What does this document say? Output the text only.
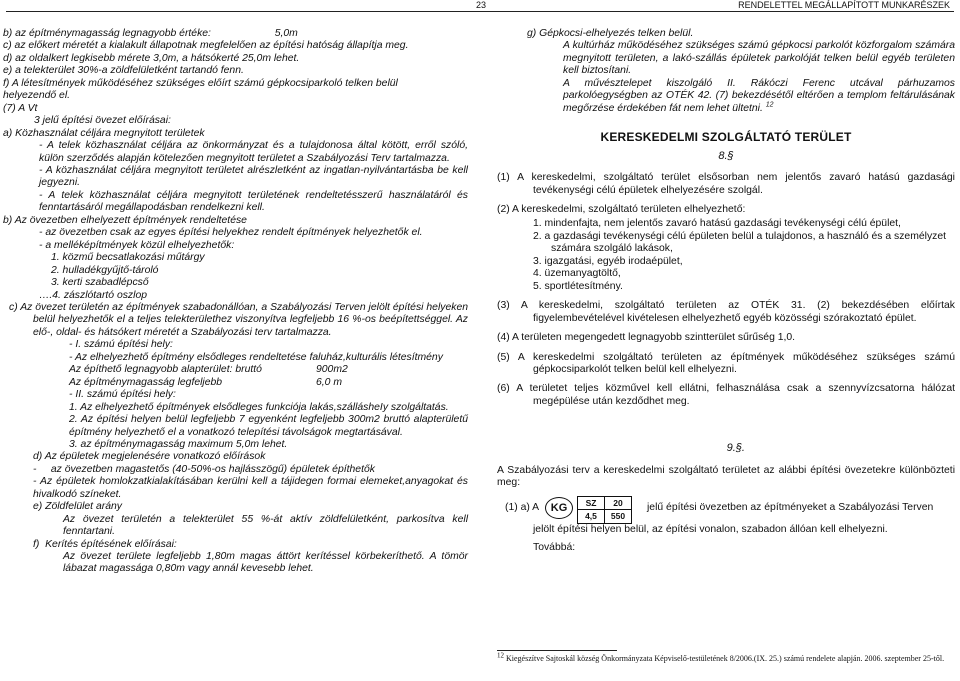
23	RENDELETTEL MEGÁLLAPÍTOTT MUNKARÉSZEK
b) az építménymagasság legnagyobb értéke:	5,0m
c) az előkert méretét a kialakult állapotnak megfelelően az építési hatóság állapítja meg.
d) az oldalkert legkisebb mérete 3,0m, a hátsókerté 25,0m lehet.
e) a telekterület 30%-a zöldfelületként tartandó fenn.
f) A létesítmények működéséhez szükséges előírt számú gépkocsiparkoló telken belül
helyezendő el.
(7) A Vt
3 jelű építési övezet előírásai:
a) Közhasználat céljára megnyitott területek
- A telek közhasználat céljára az önkormányzat és a tulajdonosa által kötött, erről szóló, külön szerződés alapján kötelezően megnyitott területet a Szabályozási Terv tartalmazza.
- A közhasználat céljára megnyitott területet alrészletként az ingatlan-nyilvántartásba be kell jegyezni.
- A telek közhasználat céljára megnyitott területének rendeltetésszerű használatáról és fenntartásáról megállapodásban rendelkezni kell.
b) Az övezetben elhelyezett építmények rendeltetése
- az övezetben csak az egyes építési helyekhez rendelt építmények helyezhetők el.
- a melléképítmények közül elhelyezhetők:
1. közmű becsatlakozási műtárgy
2. hulladékgyűjtő-tároló
3. kerti szabadlépcső
….4. zászlótartó oszlop
c) Az övezet területén az építmények szabadonállóan, a Szabályozási Terven jelölt építési helyeken belül helyezhetők el a teljes telekterülethez viszonyítva legfeljebb 16 %-os beépítettséggel. Az elő-, oldal- és hátsókert méretét a Szabályozási terv tartalmazza.
- I. számú építési hely:
- Az elhelyezhető építmény elsődleges rendeltetése faluház,kulturális létesítmény
Az építhető legnagyobb alapterület: bruttó	900m2
Az építménymagasság legfeljebb	6,0 m
- II. számú építési hely:
1. Az elhelyezhető építmények elsődleges funkciója lakás,szállásheIy szolgáltatás.
2. Az építési helyen belül legfeljebb 7 egyenként legfeljebb 300m2 bruttó alapterületű építmény helyezhető el a vonatkozó telepítési távolságok megtartásával.
3. az építménymagasság maximum 5,0m lehet.
d) Az épületek megjelenésére vonatkozó előírások
-     az övezetben magastetős (40-50%-os hajlásszögű) épületek építhetők
- Az épületek homlokzatkialakításában kerülni kell a tájidegen formai elemeket,anyagokat és hivalkodó színeket.
e) Zöldfelület arány
Az övezet területén a telekterület 55 %-át aktív zöldfelületként, parkosítva kell fenntartani.
f)  Kerítés építésének előírásai:
Az övezet területe legfeljebb 1,80m magas áttört kerítéssel körbekeríthető. A tömör lábazat magassága 0,80m vagy annál kevesebb lehet.
g) Gépkocsi-elhelyezés telken belül.
A kultúrház működéséhez szükséges számú gépkocsi parkolót közforgalom számára megnyitott területen, a lakó-szállás épületek parkolóját telken belül egyéb területen kell biztosítani.
A művésztelepet kiszolgáló II. Rákóczi Ferenc utcával párhuzamos parkolóegységben az OTÉK 42. (7) bekezdésétől eltérően a templom feltárulásának megőrzése érdekében fát nem lehet ültetni. $^{12}$
KERESKEDELMI SZOLGÁLTATÓ TERÜLET
8.§
(1) A kereskedelmi, szolgáltató terület elsősorban nem jelentős zavaró hatású gazdasági tevékenységi célú épületek elhelyezésére szolgál.
(2) A kereskedelmi, szolgáltató területen elhelyezhető:
1. mindenfajta, nem jelentős zavaró hatású gazdasági tevékenységi célú épület,
2. a gazdasági tevékenységi célú épületen belül a tulajdonos, a használó és a személyzet számára szolgáló lakások,
3. igazgatási, egyéb irodaépület,
4. üzemanyagtöltő,
5. sportlétesítmény.
(3) A kereskedelmi, szolgáltató területen az OTÉK 31. (2) bekezdésében előírtak figyelembevételével kivételesen elhelyezhető egyéb közösségi szórakoztató épület.
(4) A területen megengedett legnagyobb szintterület sűrűség 1,0.
(5) A kereskedelmi szolgáltató területen az építmények működéséhez szükséges számú gépkocsiparkolót telken belül kell elhelyezni.
(6) A területet teljes közművel kell ellátni, felhasználása csak a szennyvízcsatorna hálózat megépülése után kezdődhet meg.
9.§.
A Szabályozási terv a kereskedelmi szolgáltató területet az alábbi építési övezetekre különbözteti meg:
(1) a) A	KG	SZ	20
4,5	550
jelű építési övezetben az építményeket a Szabályozási Terven
jelölt építési helyen belül, az építési vonalon, szabadon állóan kell elhelyezni.
Továbbá:
$^{12}$ Kiegészítve Sajtoskál község Önkormányzata Képviselő-testületének 8/2006.(IX. 25.) számú rendelete alapján. 2006. szeptember 25-től.
